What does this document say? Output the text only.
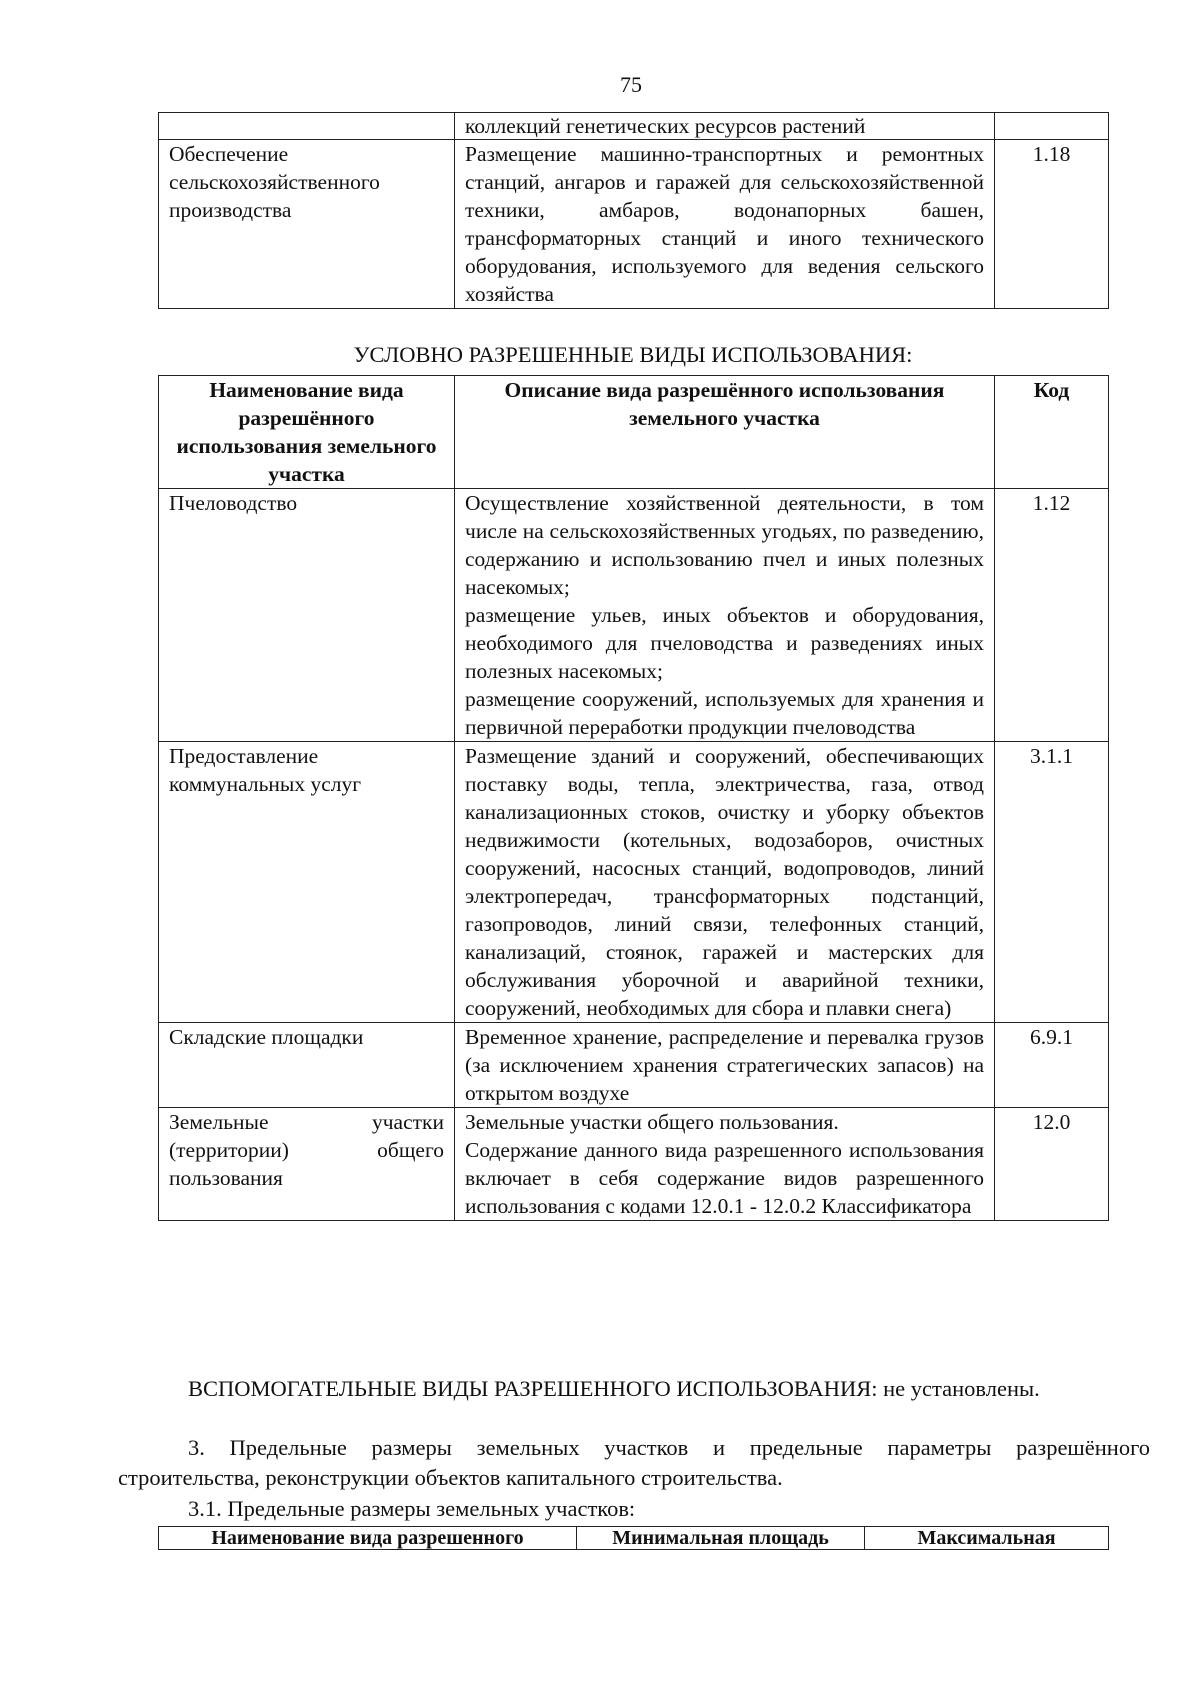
75
	коллекций генетических ресурсов растений	
Обеспечение сельскохозяйственного производства	Размещение машинно-транспортных и ремонтных станций, ангаров и гаражей для сельскохозяйственной техники, амбаров, водонапорных башен, трансформаторных станций и иного технического оборудования, используемого для ведения сельского хозяйства	1.18
УСЛОВНО РАЗРЕШЕННЫЕ ВИДЫ ИСПОЛЬЗОВАНИЯ:
Наименование вида разрешённого использования земельного участка	Описание вида разрешённого использования земельного участка	Код
Пчеловодство	Осуществление хозяйственной деятельности, в том числе на сельскохозяйственных угодьях, по разведению, содержанию и использованию пчел и иных полезных насекомых;
размещение ульев, иных объектов и оборудования, необходимого для пчеловодства и разведениях иных полезных насекомых;
размещение сооружений, используемых для хранения и первичной переработки продукции пчеловодства	1.12
Предоставление коммунальных услуг	Размещение зданий и сооружений, обеспечивающих поставку воды, тепла, электричества, газа, отвод канализационных стоков, очистку и уборку объектов недвижимости (котельных, водозаборов, очистных сооружений, насосных станций, водопроводов, линий электропередач, трансформаторных подстанций, газопроводов, линий связи, телефонных станций, канализаций, стоянок, гаражей и мастерских для обслуживания уборочной и аварийной техники, сооружений, необходимых для сбора и плавки снега)	3.1.1
Складские площадки	Временное хранение, распределение и перевалка грузов (за исключением хранения стратегических запасов) на открытом воздухе	6.9.1
Земельные участки (территории) общего пользования	Земельные участки общего пользования.
Содержание данного вида разрешенного использования включает в себя содержание видов разрешенного использования с кодами 12.0.1 - 12.0.2 Классификатора	12.0
ВСПОМОГАТЕЛЬНЫЕ ВИДЫ РАЗРЕШЕННОГО ИСПОЛЬЗОВАНИЯ: не установлены.
3. Предельные размеры земельных участков и предельные параметры разрешённого
строительства, реконструкции объектов капитального строительства.
3.1. Предельные размеры земельных участков:
Наименование вида разрешенного	Минимальная площадь	Максимальная
